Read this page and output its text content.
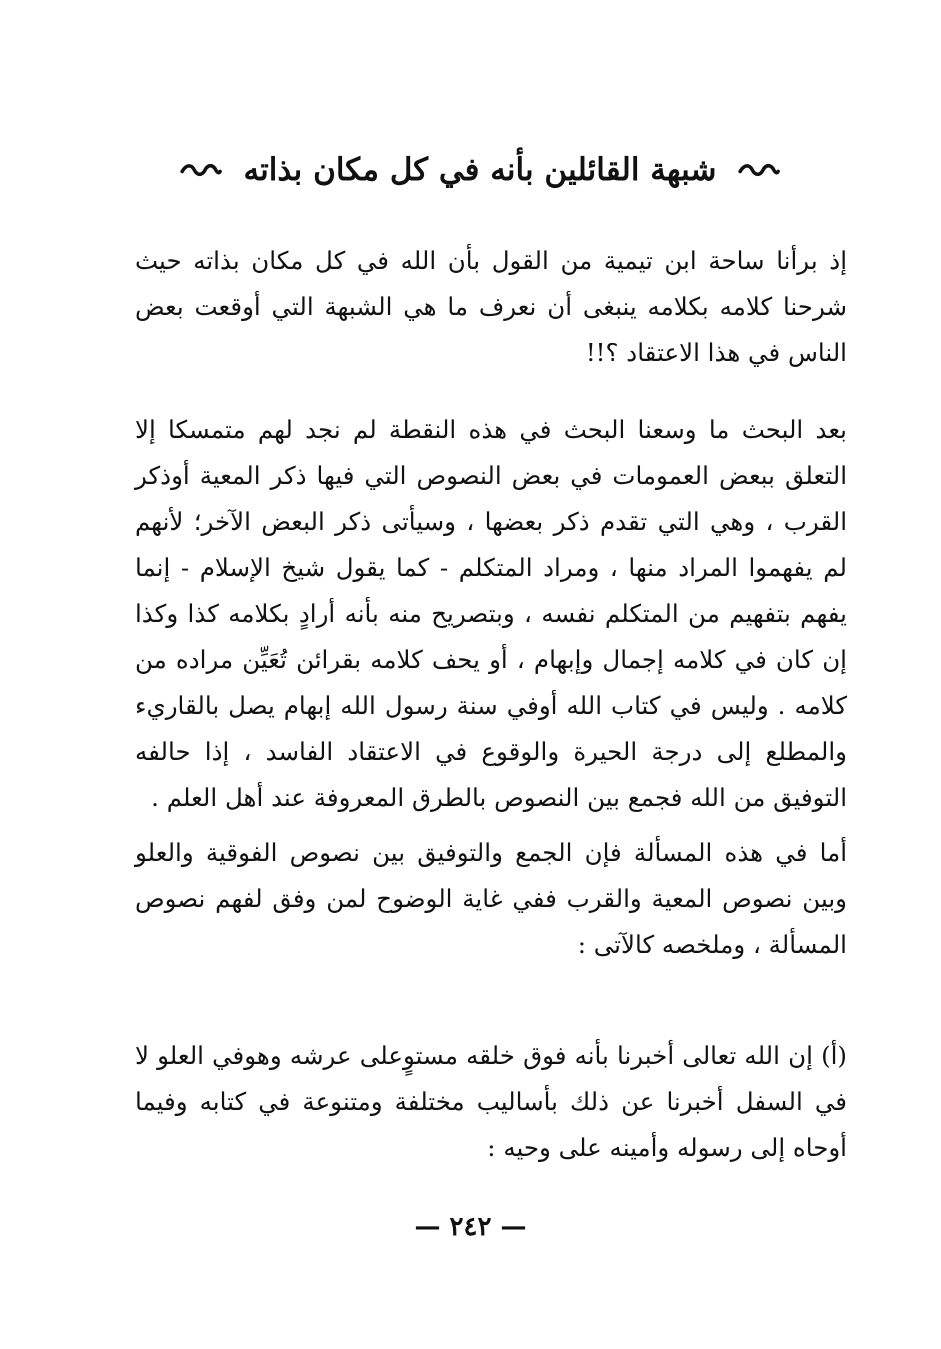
شبهة القائلين بأنه في كل مكان بذاته

إذ برأنا ساحة ابن تيمية من القول بأن الله في كل مكان بذاته حيث شرحنا كلامه بكلامه ينبغى أن نعرف ما هي الشبهة التي أوقعت بعض الناس في هذا الاعتقاد ؟!!

بعد البحث ما وسعنا البحث في هذه النقطة لم نجد لهم متمسكا إلا التعلق ببعض العمومات في بعض النصوص التي فيها ذكر المعية أوذكر القرب ، وهي التي تقدم ذكر بعضها ، وسيأتى ذكر البعض الآخر؛ لأنهم لم يفهموا المراد منها ، ومراد المتكلم - كما يقول شيخ الإسلام - إنما يفهم بتفهيم من المتكلم نفسه ، وبتصريح منه بأنه أرادٍ بكلامه كذا وكذا إن كان في كلامه إجمال وإبهام ، أو يحف كلامه بقرائن تُعَيِّن مراده من كلامه . وليس في كتاب الله أوفي سنة رسول الله إبهام يصل بالقاريء والمطلع إلى درجة الحيرة والوقوع في الاعتقاد الفاسد ، إذا حالفه التوفيق من الله فجمع بين النصوص بالطرق المعروفة عند أهل العلم .

أما في هذه المسألة فإن الجمع والتوفيق بين نصوص الفوقية والعلو وبين نصوص المعية والقرب ففي غاية الوضوح لمن وفق لفهم نصوص المسألة ، وملخصه كالآتى :

(أ) إن الله تعالى أخبرنا بأنه فوق خلقه مستوٍعلى عرشه وهوفي العلو لا في السفل أخبرنا عن ذلك بأساليب مختلفة ومتنوعة في كتابه وفيما أوحاه إلى رسوله وأمينه على وحيه :

— ٢٤٢ —
